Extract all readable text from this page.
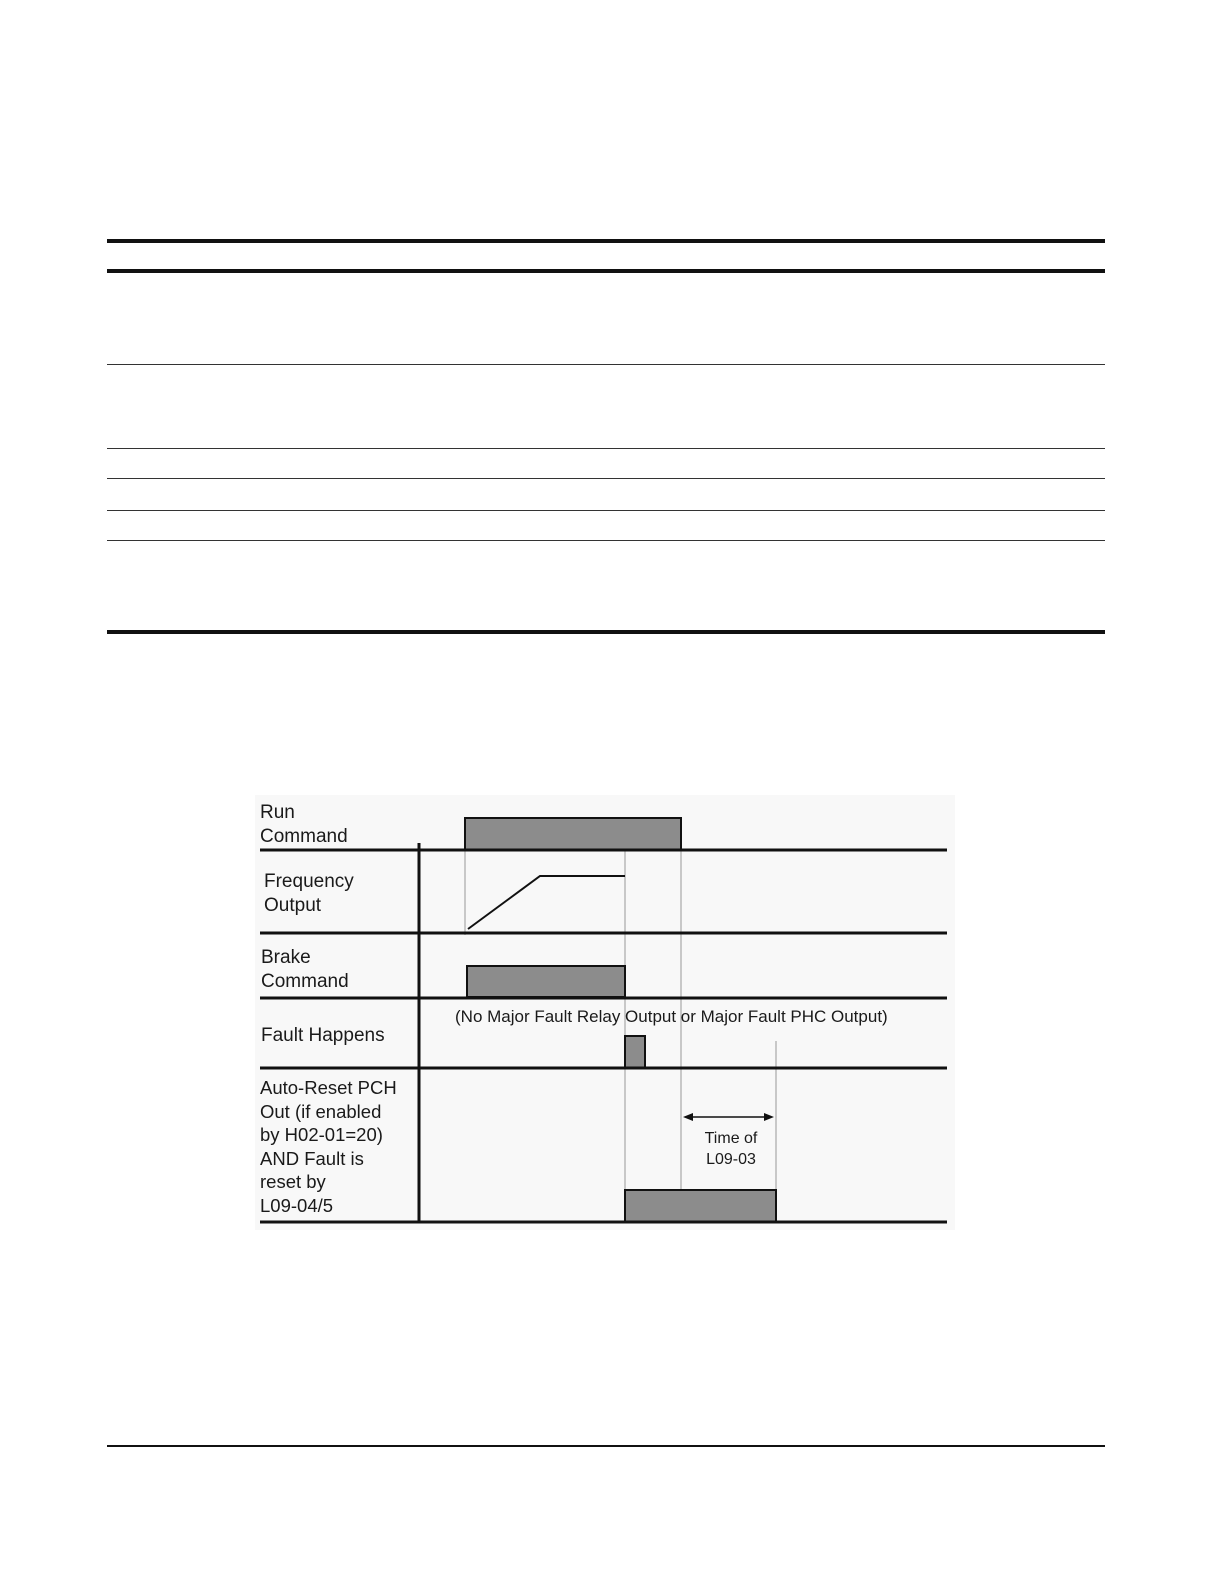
Run
Command
Frequency
Output
Brake
Command
Fault Happens
Auto-Reset PCH
Out (if enabled
by H02-01=20)
AND Fault is
reset by
L09-04/5
(No Major Fault Relay Output or Major Fault PHC Output)
Time of
L09-03
